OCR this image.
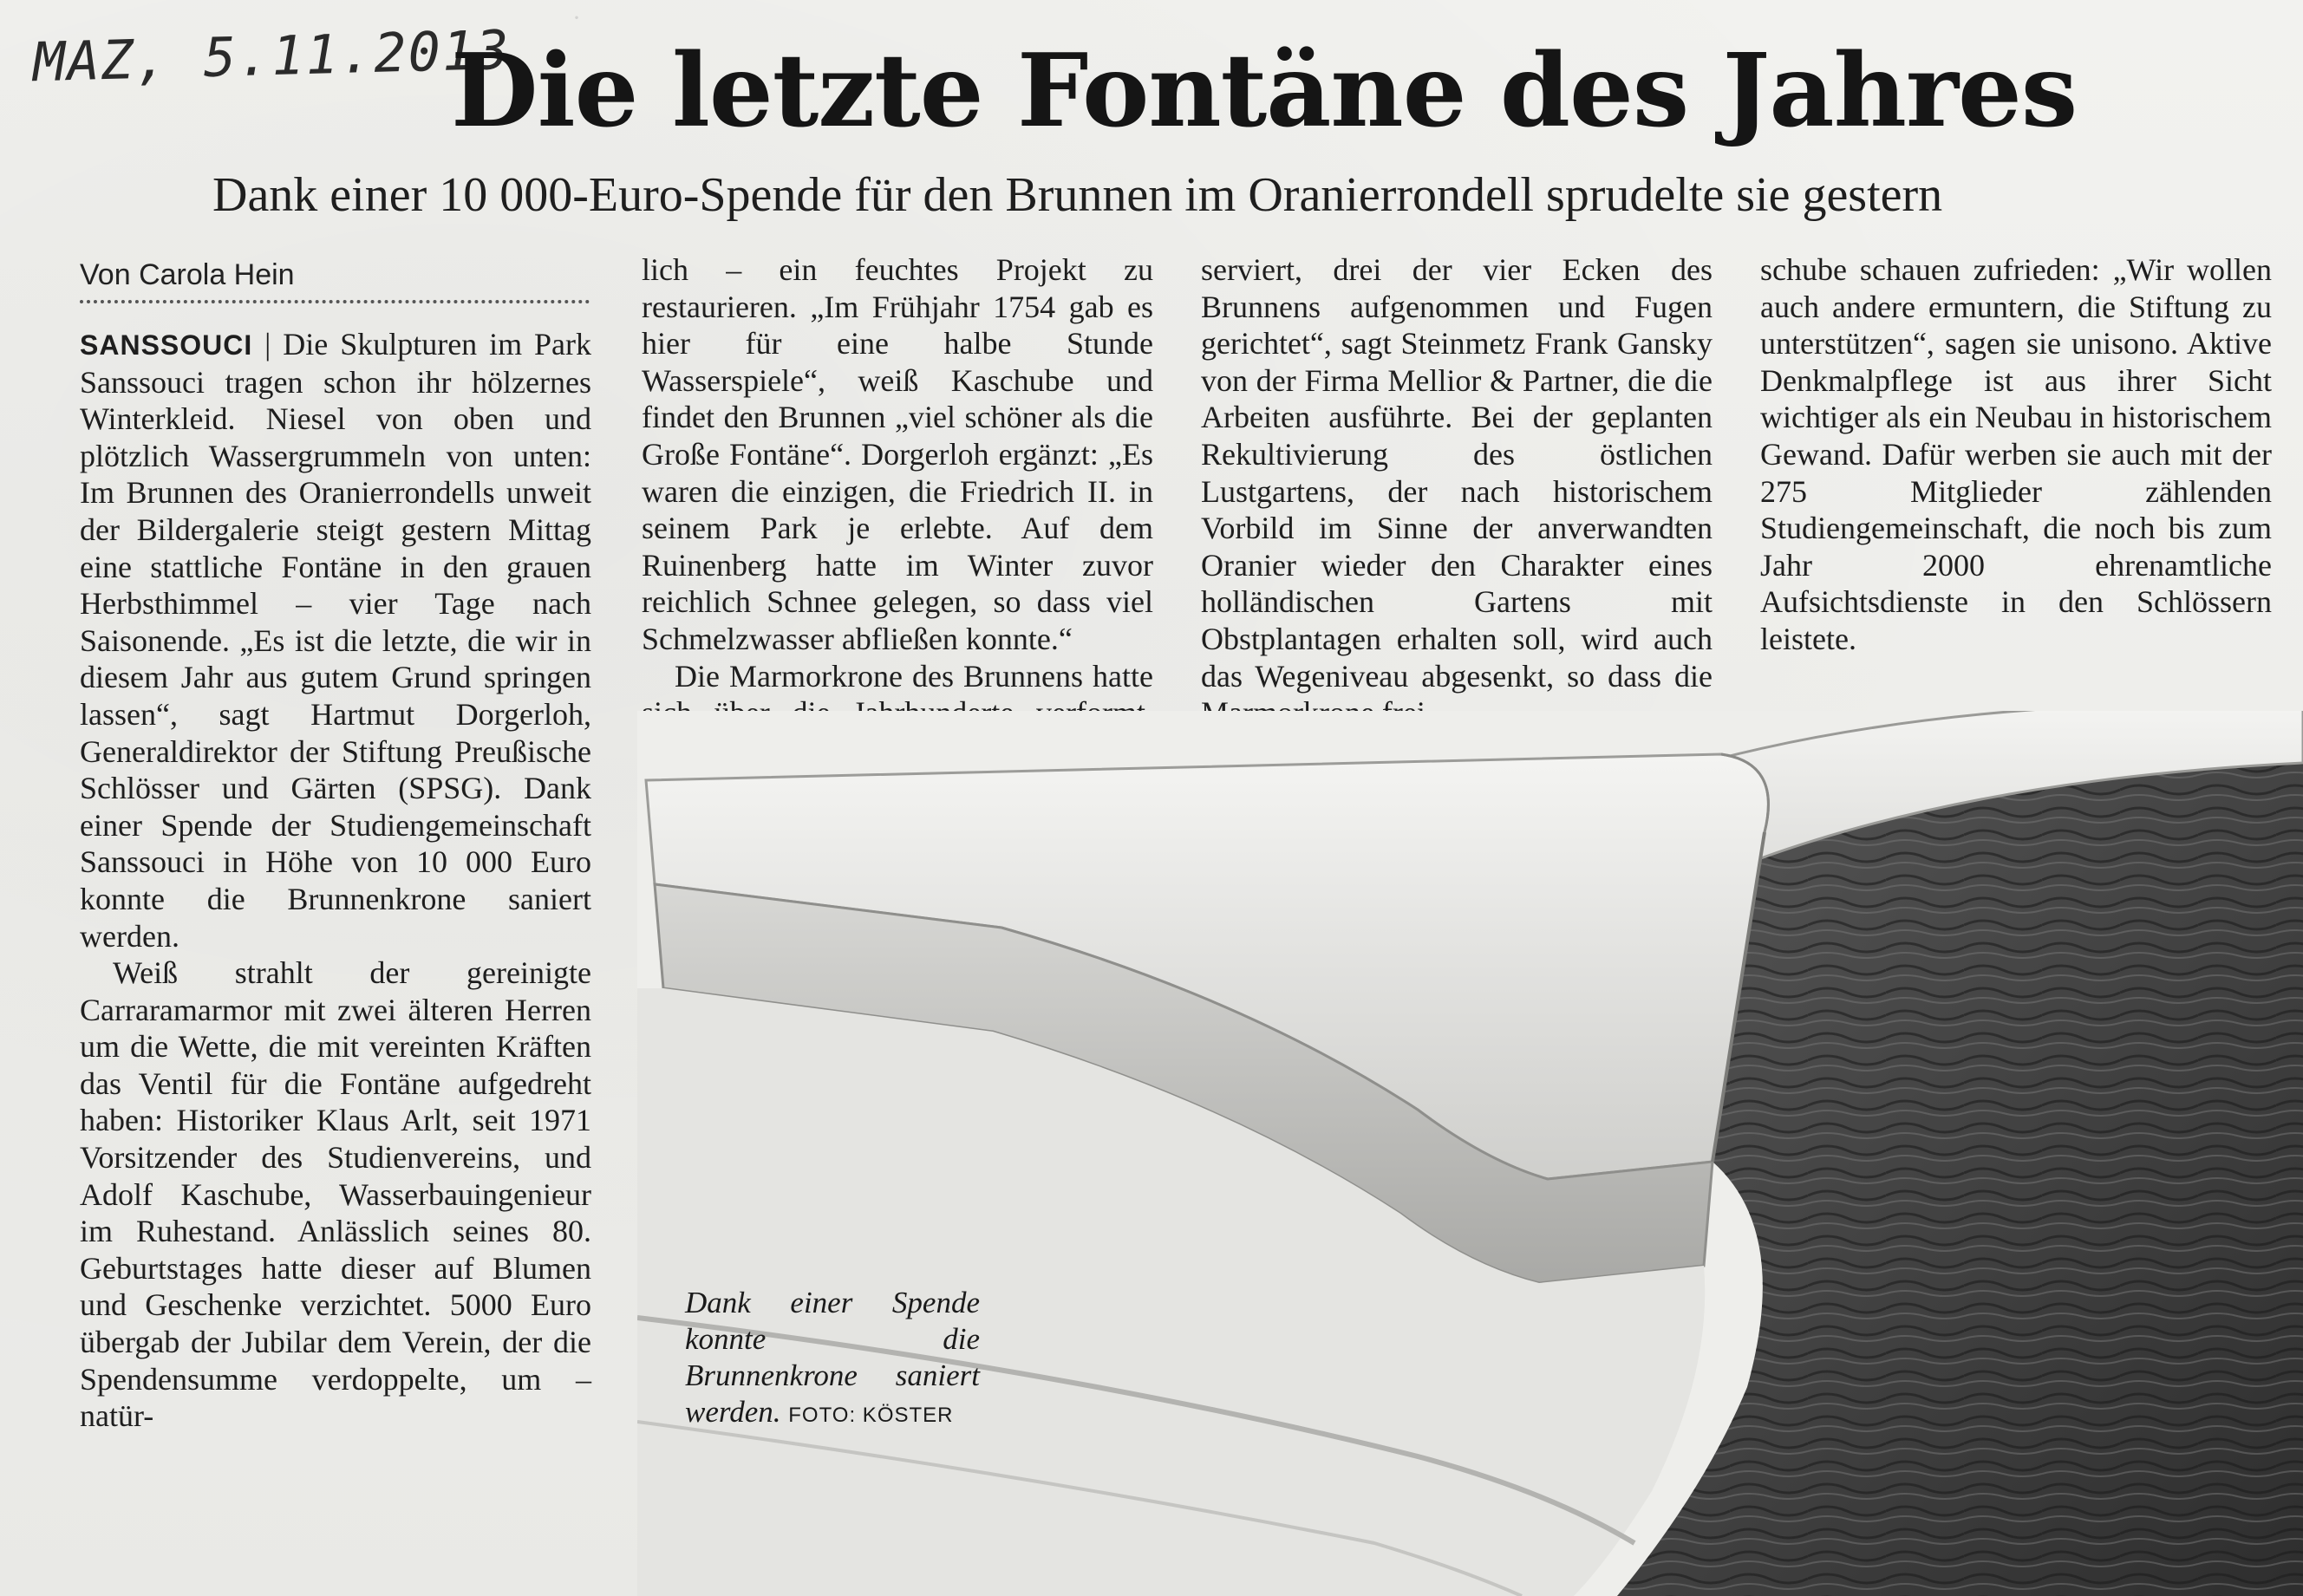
·
MAZ, 5.11.2013
Die letzte Fontäne des Jahres
Dank einer 10 000-Euro-Spende für den Brunnen im Oranierrondell sprudelte sie gestern
Von Carola Hein

SANSSOUCI | Die Skulpturen im Park Sanssouci tragen schon ihr hölzernes Winterkleid. Niesel von oben und plötzlich Wassergrummeln von unten: Im Brunnen des Oranierrondells unweit der Bildergalerie steigt gestern Mittag eine stattliche Fontäne in den grauen Herbsthimmel – vier Tage nach Saisonende. „Es ist die letzte, die wir in diesem Jahr aus gutem Grund springen lassen“, sagt Hartmut Dorgerloh, Generaldirektor der Stiftung Preußische Schlösser und Gärten (SPSG). Dank einer Spende der Studiengemeinschaft Sanssouci in Höhe von 10 000 Euro konnte die Brunnenkrone saniert werden.

Weiß strahlt der gereinigte Carraramarmor mit zwei älteren Herren um die Wette, die mit vereinten Kräften das Ventil für die Fontäne aufgedreht haben: Historiker Klaus Arlt, seit 1971 Vorsitzender des Studienvereins, und Adolf Kaschube, Wasserbauingenieur im Ruhestand. Anlässlich seines 80. Geburtstages hatte dieser auf Blumen und Geschenke verzichtet. 5000 Euro übergab der Jubilar dem Verein, der die Spendensumme verdoppelte, um – natür-

lich – ein feuchtes Projekt zu restaurieren. „Im Frühjahr 1754 gab es hier für eine halbe Stunde Wasserspiele“, weiß Kaschube und findet den Brunnen „viel schöner als die Große Fontäne“. Dorgerloh ergänzt: „Es waren die einzigen, die Friedrich II. in seinem Park je erlebte. Auf dem Ruinenberg hatte im Winter zuvor reichlich Schnee gelegen, so dass viel Schmelzwasser abfließen konnte.“

Die Marmorkrone des Brunnens hatte

serviert, drei der vier Ecken des Brunnens aufgenommen und Fugen gerichtet“, sagt Steinmetz Frank Gansky von der Firma Mellior & Partner, die die Arbeiten ausführte. Bei der geplanten Rekultivierung des östlichen Lustgartens, der nach historischem Vorbild im Sinne der anverwandten Oranier wieder den Charakter eines holländischen Gartens mit Obstplantagen erhalten soll, wird auch das Wegeniveau abgesenkt, so dass die

schube schauen zufrieden: „Wir wollen auch andere ermuntern, die Stiftung zu unterstützen“, sagen sie unisono. Aktive Denkmalpflege ist aus ihrer Sicht wichtiger als ein Neubau in historischem Gewand. Dafür werben sie auch mit der 275 Mitglieder zählenden Studiengemeinschaft, die noch bis zum Jahr 2000 ehrenamtliche Aufsichtsdienste in den Schlössern leistete.

Dank einer Spende konnte die Brunnenkrone saniert werden. FOTO: KÖSTER
